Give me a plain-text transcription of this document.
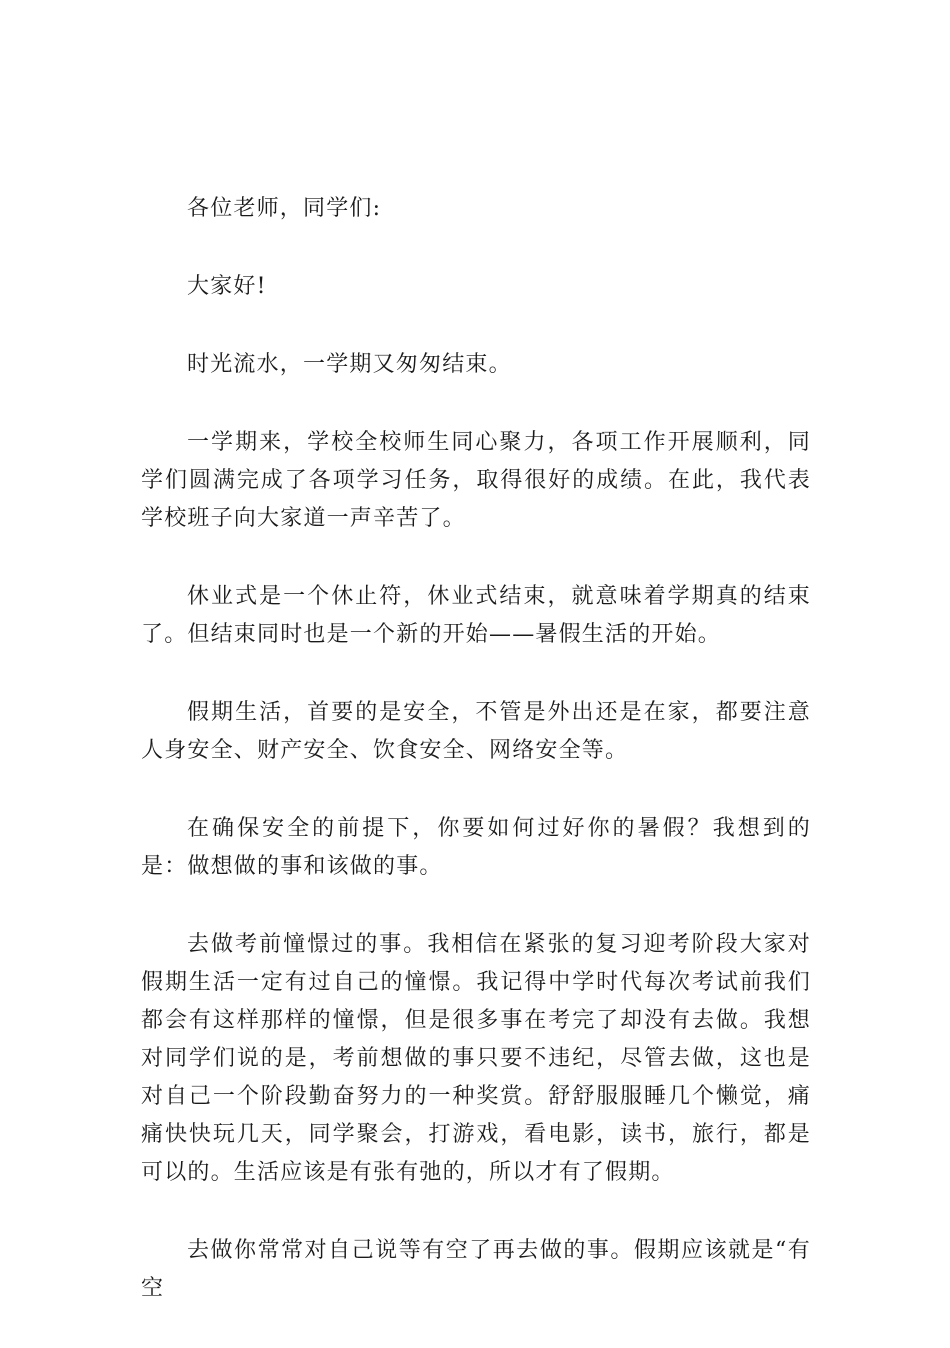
各位老师，同学们:

大家好!

时光流水，一学期又匆匆结束。

一学期来，学校全校师生同心聚力，各项工作开展顺利，同学们圆满完成了各项学习任务，取得很好的成绩。在此，我代表学校班子向大家道一声辛苦了。

休业式是一个休止符，休业式结束，就意味着学期真的结束了。但结束同时也是一个新的开始——暑假生活的开始。

假期生活，首要的是安全，不管是外出还是在家，都要注意人身安全、财产安全、饮食安全、网络安全等。

在确保安全的前提下，你要如何过好你的暑假？我想到的是：做想做的事和该做的事。

去做考前憧憬过的事。我相信在紧张的复习迎考阶段大家对假期生活一定有过自己的憧憬。我记得中学时代每次考试前我们都会有这样那样的憧憬，但是很多事在考完了却没有去做。我想对同学们说的是，考前想做的事只要不违纪，尽管去做，这也是对自己一个阶段勤奋努力的一种奖赏。舒舒服服睡几个懒觉，痛痛快快玩几天，同学聚会，打游戏，看电影，读书，旅行，都是可以的。生活应该是有张有弛的，所以才有了假期。

去做你常常对自己说等有空了再去做的事。假期应该就是“有空
